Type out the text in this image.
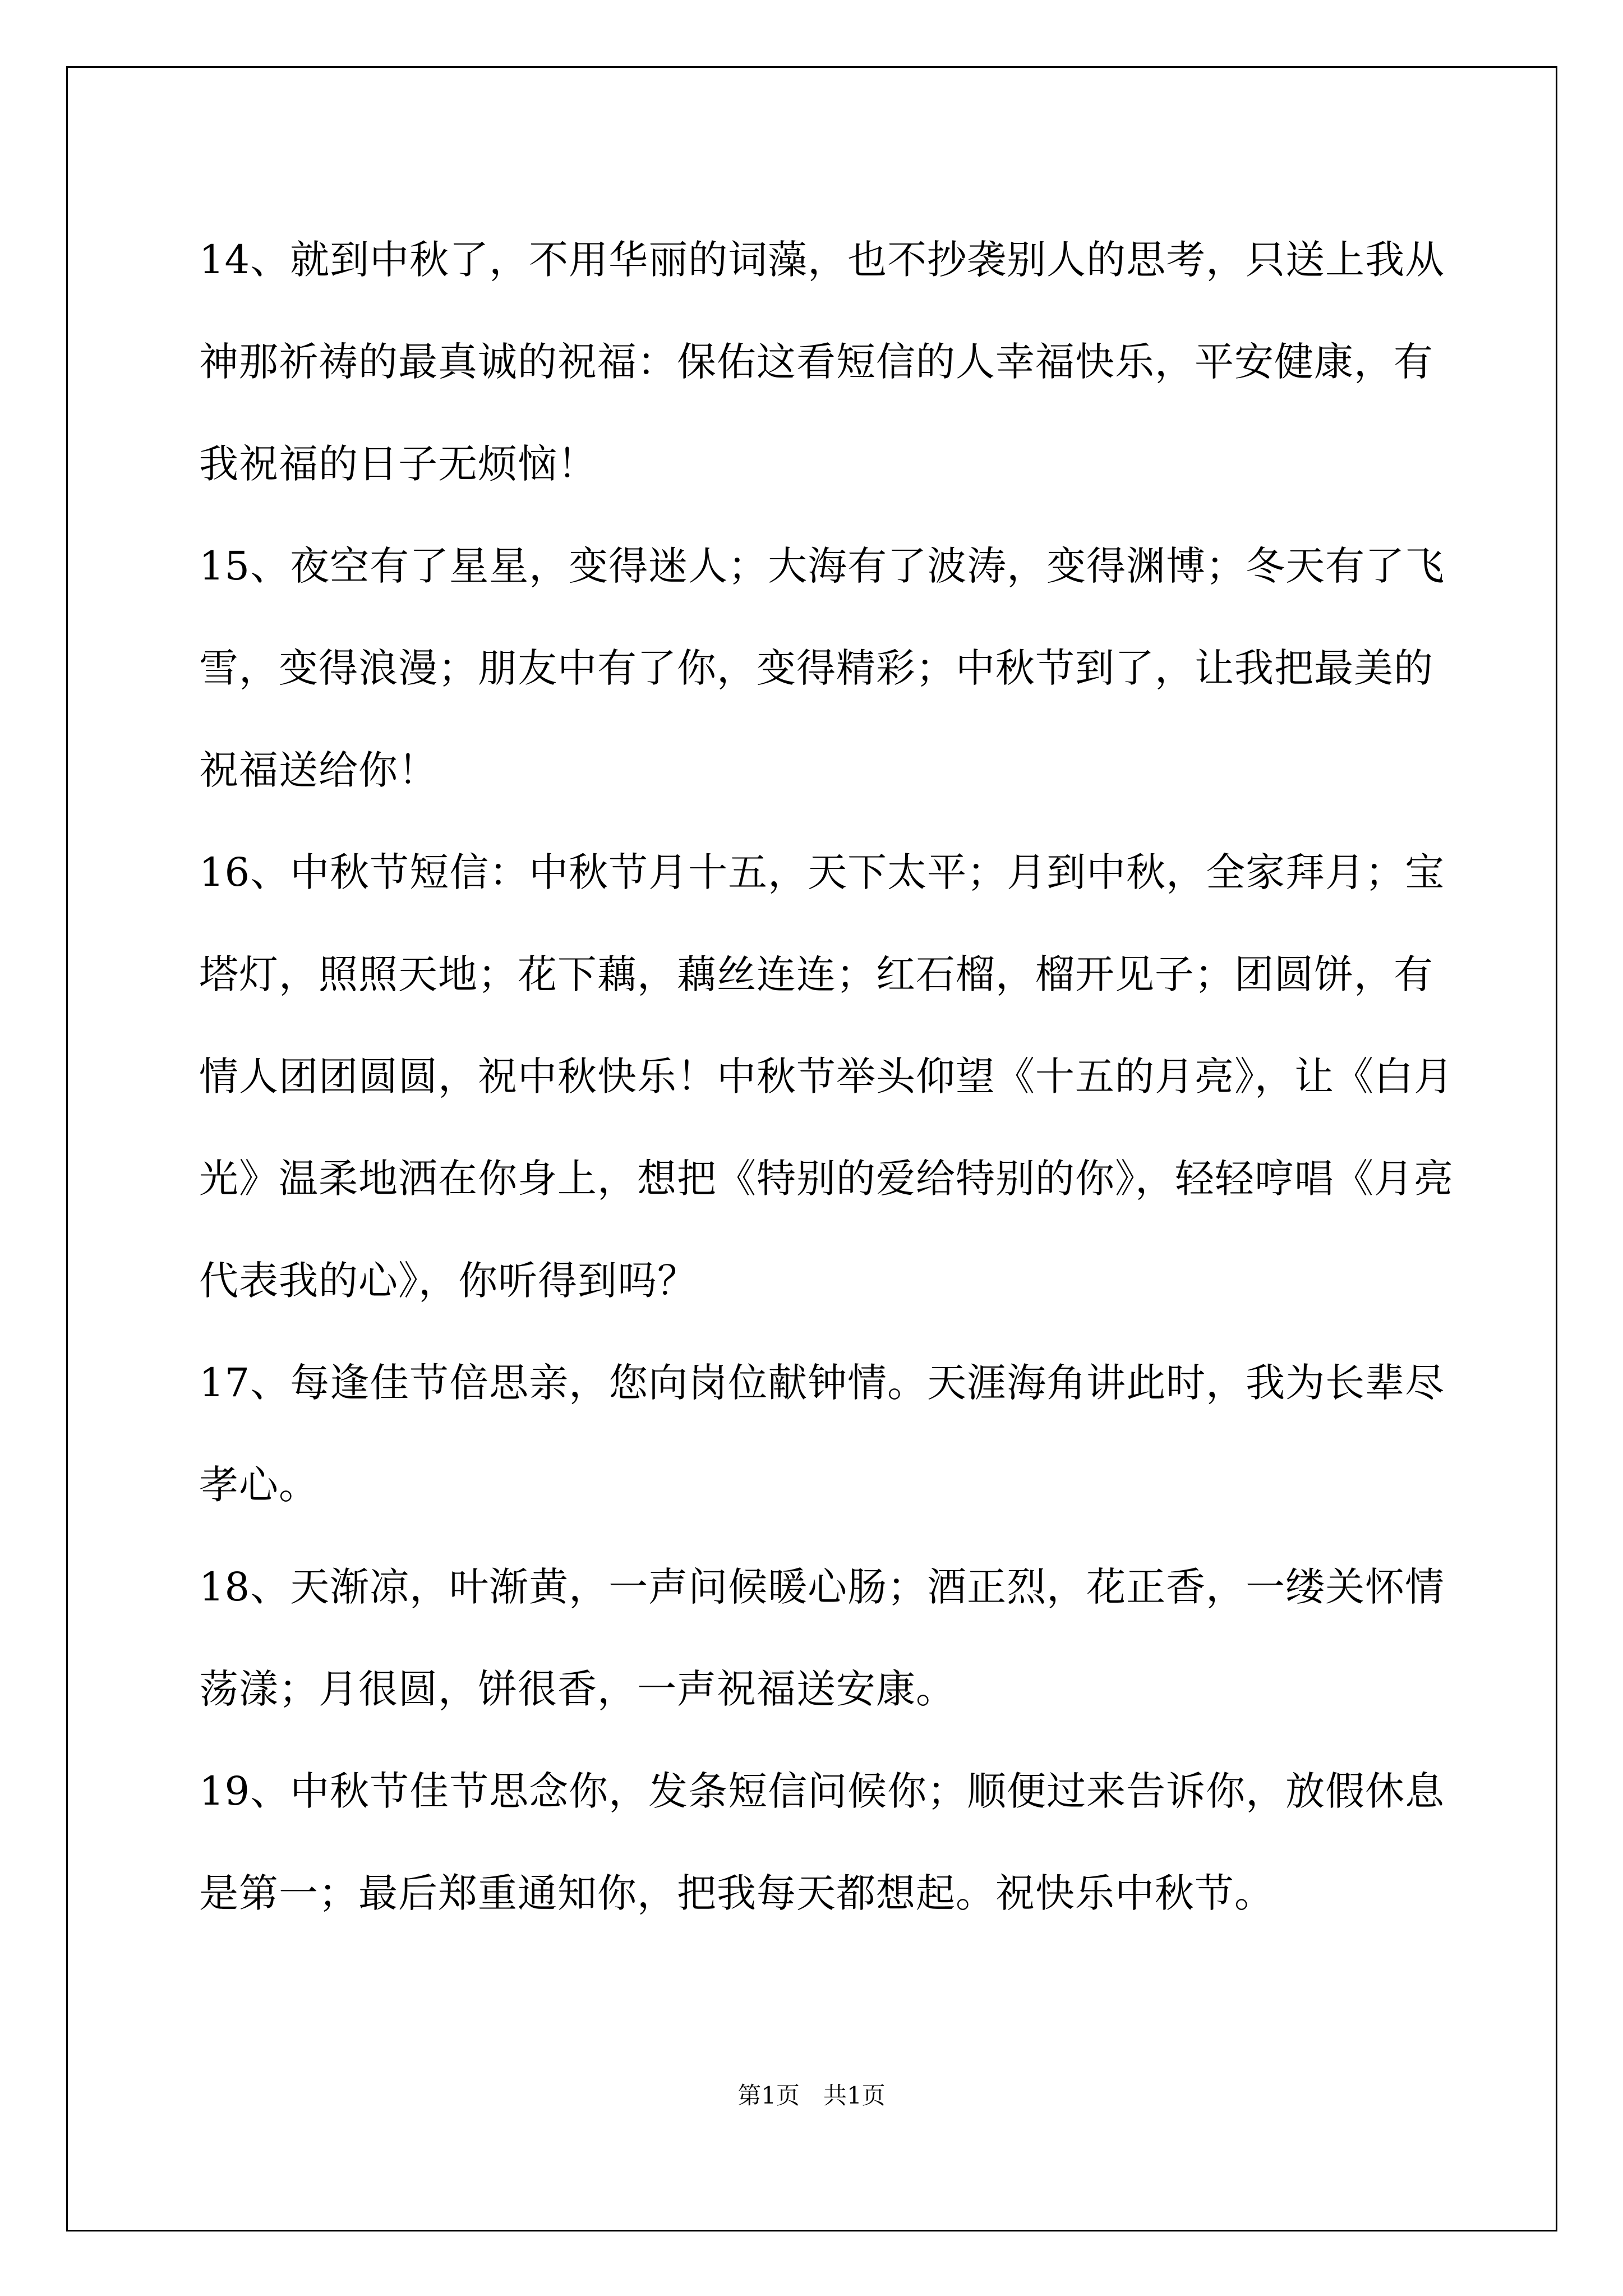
14、就到中秋了，不用华丽的词藻，也不抄袭别人的思考，只送上我从神那祈祷的最真诚的祝福：保佑这看短信的人幸福快乐，平安健康，有我祝福的日子无烦恼！

15、夜空有了星星，变得迷人；大海有了波涛，变得渊博；冬天有了飞雪，变得浪漫；朋友中有了你，变得精彩；中秋节到了，让我把最美的祝福送给你！

16、中秋节短信：中秋节月十五，天下太平；月到中秋，全家拜月；宝塔灯，照照天地；花下藕，藕丝连连；红石榴，榴开见子；团圆饼，有情人团团圆圆，祝中秋快乐！中秋节举头仰望《十五的月亮》，让《白月光》温柔地洒在你身上，想把《特别的爱给特别的你》，轻轻哼唱《月亮代表我的心》，你听得到吗？

17、每逢佳节倍思亲，您向岗位献钟情。天涯海角讲此时，我为长辈尽孝心。

18、天渐凉，叶渐黄，一声问候暖心肠；酒正烈，花正香，一缕关怀情荡漾；月很圆，饼很香，一声祝福送安康。

19、中秋节佳节思念你，发条短信问候你；顺便过来告诉你，放假休息是第一；最后郑重通知你，把我每天都想起。祝快乐中秋节。

第1页　共1页
